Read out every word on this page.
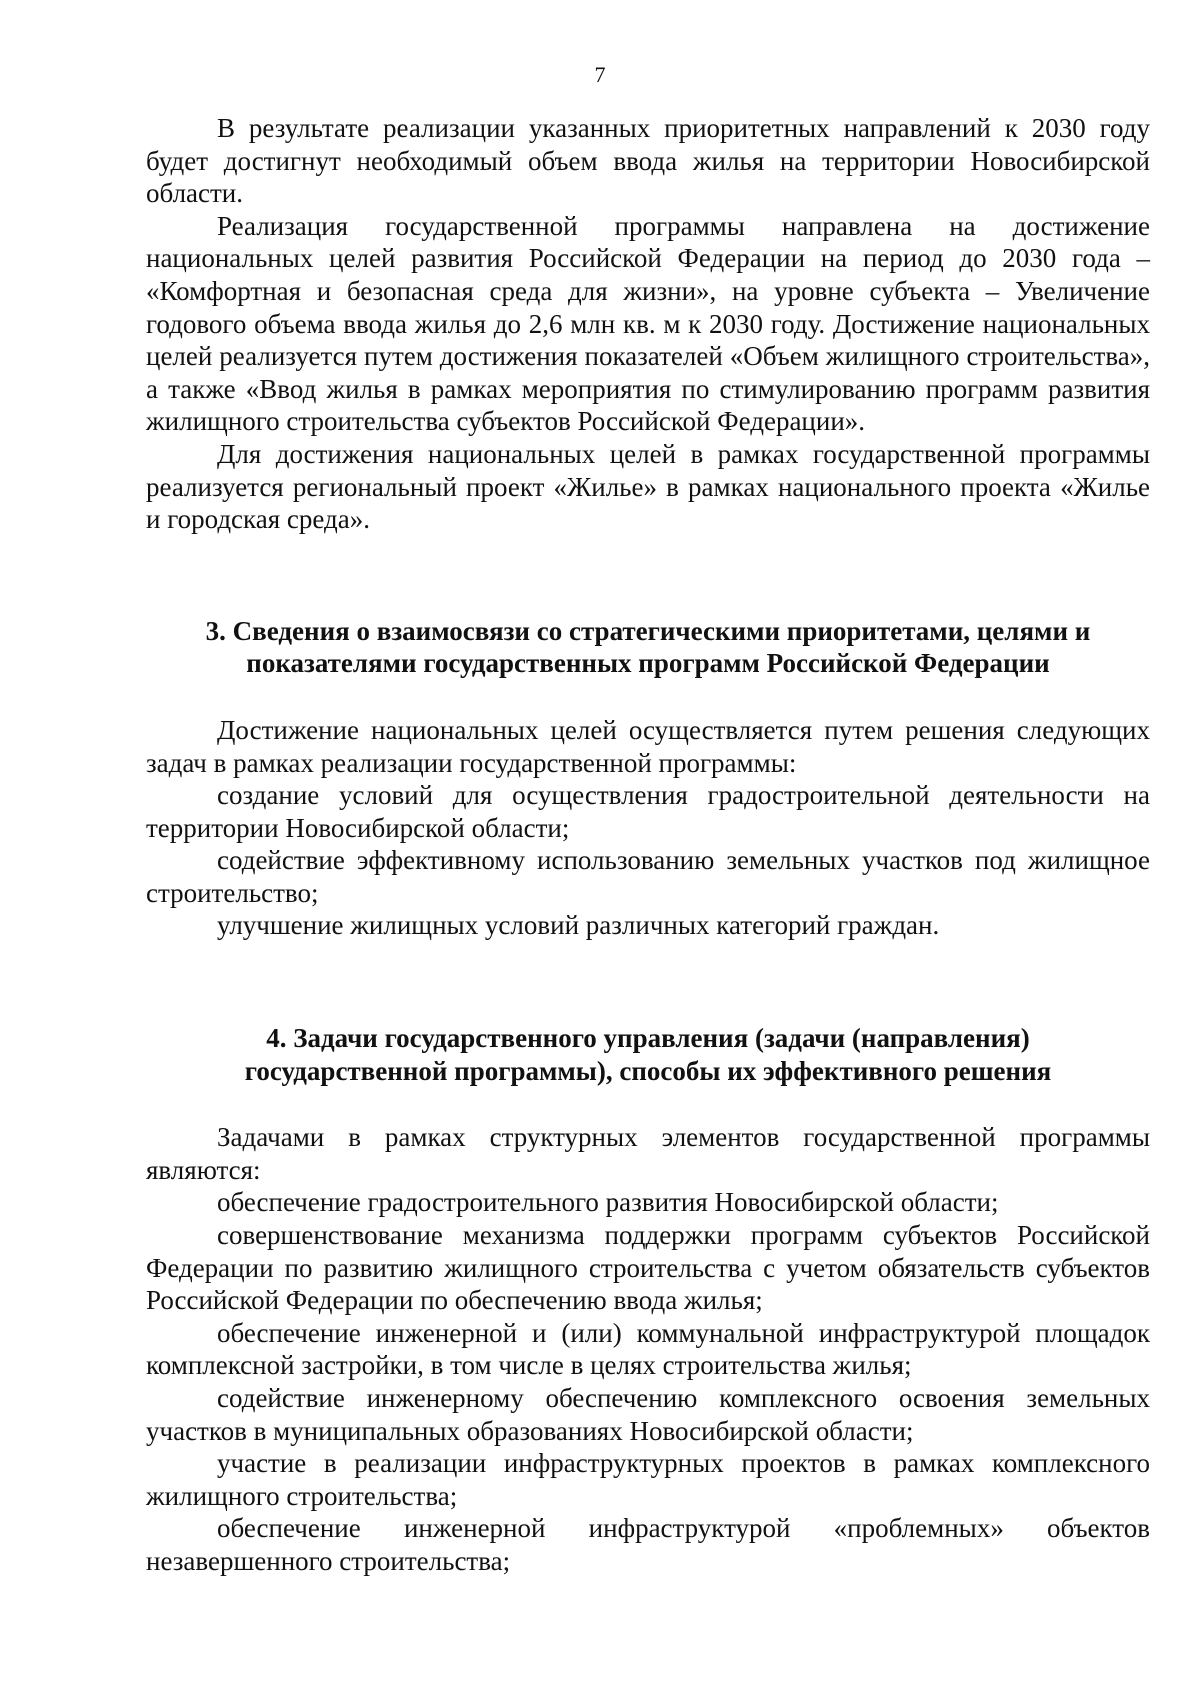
7

В результате реализации указанных приоритетных направлений к 2030 году будет достигнут необходимый объем ввода жилья на территории Новосибирской области.

Реализация государственной программы направлена на достижение национальных целей развития Российской Федерации на период до 2030 года – «Комфортная и безопасная среда для жизни», на уровне субъекта – Увеличение годового объема ввода жилья до 2,6 млн кв. м к 2030 году. Достижение национальных целей реализуется путем достижения показателей «Объем жилищного строительства», а также «Ввод жилья в рамках мероприятия по стимулированию программ развития жилищного строительства субъектов Российской Федерации».

Для достижения национальных целей в рамках государственной программы реализуется региональный проект «Жилье» в рамках национального проекта «Жилье и городская среда».

3. Сведения о взаимосвязи со стратегическими приоритетами, целями и
показателями государственных программ Российской Федерации

Достижение национальных целей осуществляется путем решения следующих задач в рамках реализации государственной программы:

создание условий для осуществления градостроительной деятельности на территории Новосибирской области;

содействие эффективному использованию земельных участков под жилищное строительство;

улучшение жилищных условий различных категорий граждан.

4. Задачи государственного управления (задачи (направления)
государственной программы), способы их эффективного решения

Задачами в рамках структурных элементов государственной программы являются:

обеспечение градостроительного развития Новосибирской области;

совершенствование механизма поддержки программ субъектов Российской Федерации по развитию жилищного строительства с учетом обязательств субъектов Российской Федерации по обеспечению ввода жилья;

обеспечение инженерной и (или) коммунальной инфраструктурой площадок комплексной застройки, в том числе в целях строительства жилья;

содействие инженерному обеспечению комплексного освоения земельных участков в муниципальных образованиях Новосибирской области;

участие в реализации инфраструктурных проектов в рамках комплексного жилищного строительства;

обеспечение инженерной инфраструктурой «проблемных» объектов незавершенного строительства;
